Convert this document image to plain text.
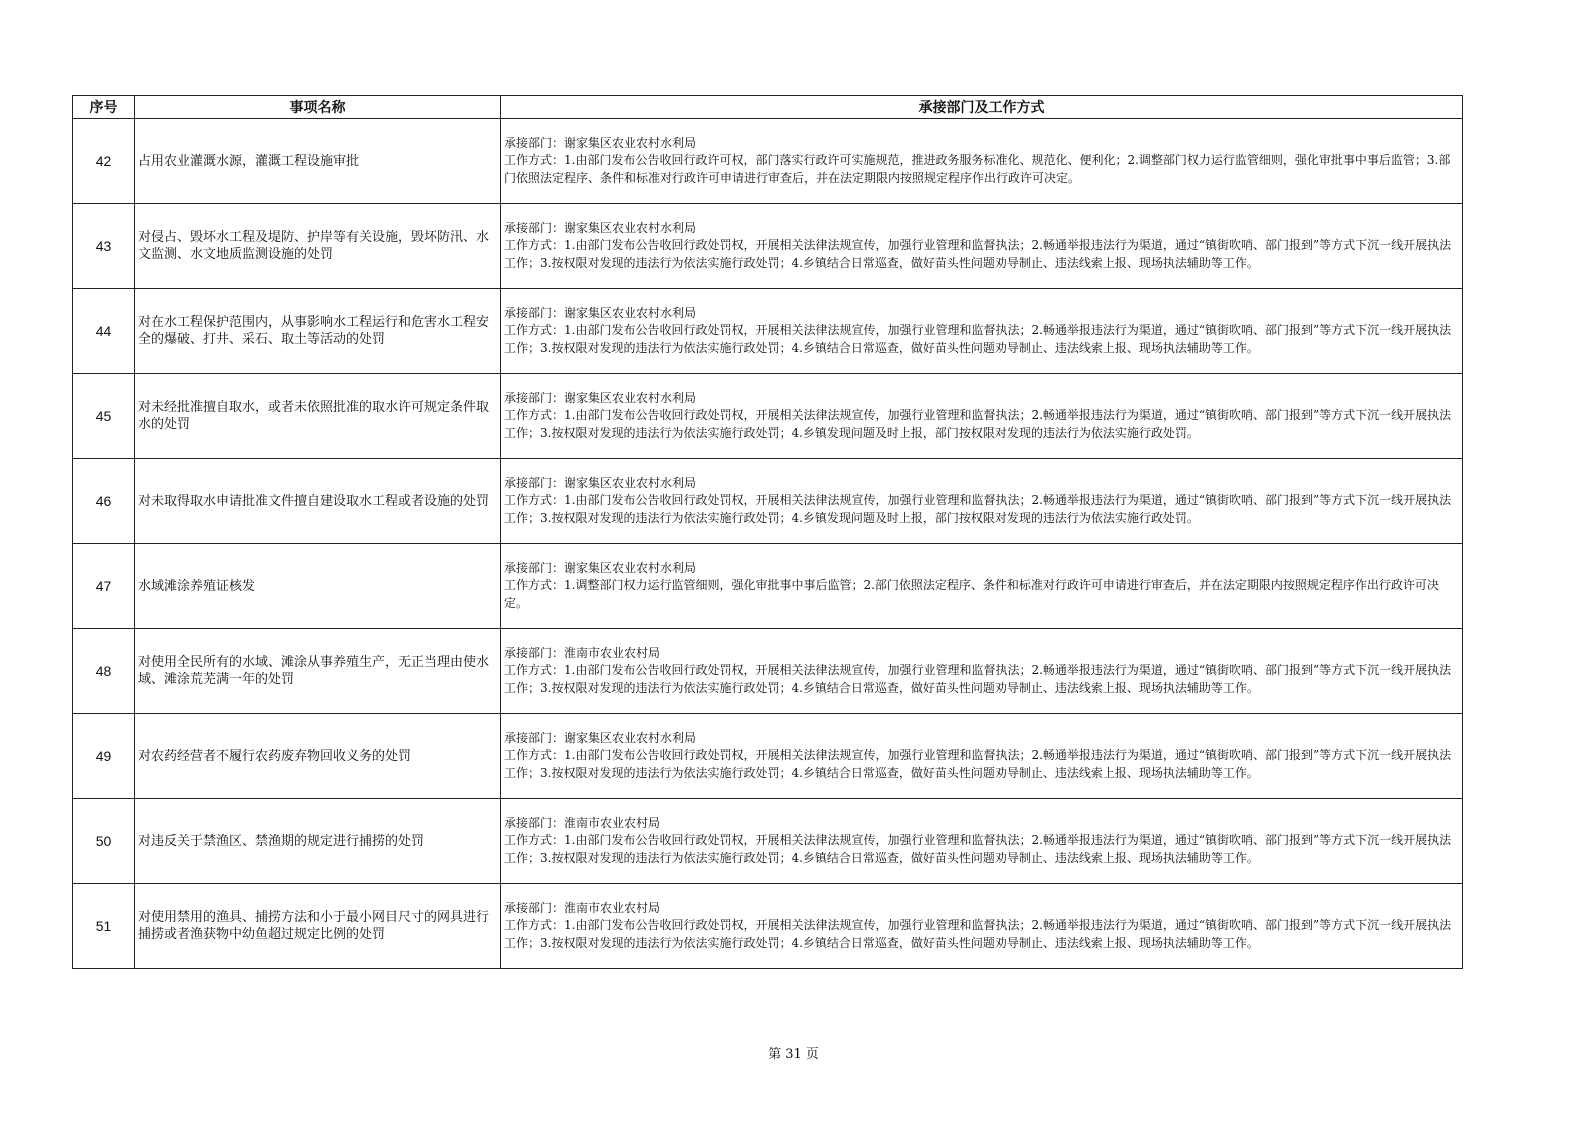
序号	事项名称	承接部门及工作方式
42	占用农业灌溉水源，灌溉工程设施审批	承接部门：谢家集区农业农村水利局
工作方式：1.由部门发布公告收回行政许可权，部门落实行政许可实施规范，推进政务服务标准化、规范化、便利化；2.调整部门权力运行监管细则，强化审批事中事后监管；3.部门依照法定程序、条件和标准对行政许可申请进行审查后，并在法定期限内按照规定程序作出行政许可决定。

43	对侵占、毁坏水工程及堤防、护岸等有关设施，毁坏防汛、水文监测、水文地质监测设施的处罚	承接部门：谢家集区农业农村水利局
工作方式：1.由部门发布公告收回行政处罚权，开展相关法律法规宣传，加强行业管理和监督执法；2.畅通举报违法行为渠道，通过“镇街吹哨、部门报到”等方式下沉一线开展执法工作；3.按权限对发现的违法行为依法实施行政处罚；4.乡镇结合日常巡查，做好苗头性问题劝导制止、违法线索上报、现场执法辅助等工作。

44	对在水工程保护范围内，从事影响水工程运行和危害水工程安全的爆破、打井、采石、取土等活动的处罚	承接部门：谢家集区农业农村水利局
工作方式：1.由部门发布公告收回行政处罚权，开展相关法律法规宣传，加强行业管理和监督执法；2.畅通举报违法行为渠道，通过“镇街吹哨、部门报到”等方式下沉一线开展执法工作；3.按权限对发现的违法行为依法实施行政处罚；4.乡镇结合日常巡查，做好苗头性问题劝导制止、违法线索上报、现场执法辅助等工作。

45	对未经批准擅自取水，或者未依照批准的取水许可规定条件取水的处罚	承接部门：谢家集区农业农村水利局
工作方式：1.由部门发布公告收回行政处罚权，开展相关法律法规宣传，加强行业管理和监督执法；2.畅通举报违法行为渠道，通过“镇街吹哨、部门报到”等方式下沉一线开展执法工作；3.按权限对发现的违法行为依法实施行政处罚；4.乡镇发现问题及时上报，部门按权限对发现的违法行为依法实施行政处罚。

46	对未取得取水申请批准文件擅自建设取水工程或者设施的处罚	承接部门：谢家集区农业农村水利局
工作方式：1.由部门发布公告收回行政处罚权，开展相关法律法规宣传，加强行业管理和监督执法；2.畅通举报违法行为渠道，通过“镇街吹哨、部门报到”等方式下沉一线开展执法工作；3.按权限对发现的违法行为依法实施行政处罚；4.乡镇发现问题及时上报，部门按权限对发现的违法行为依法实施行政处罚。

47	水域滩涂养殖证核发	承接部门：谢家集区农业农村水利局
工作方式：1.调整部门权力运行监管细则，强化审批事中事后监管；2.部门依照法定程序、条件和标准对行政许可申请进行审查后，并在法定期限内按照规定程序作出行政许可决定。

48	对使用全民所有的水域、滩涂从事养殖生产，无正当理由使水域、滩涂荒芜满一年的处罚	承接部门：淮南市农业农村局
工作方式：1.由部门发布公告收回行政处罚权，开展相关法律法规宣传，加强行业管理和监督执法；2.畅通举报违法行为渠道，通过“镇街吹哨、部门报到”等方式下沉一线开展执法工作；3.按权限对发现的违法行为依法实施行政处罚；4.乡镇结合日常巡查，做好苗头性问题劝导制止、违法线索上报、现场执法辅助等工作。

49	对农药经营者不履行农药废弃物回收义务的处罚	承接部门：谢家集区农业农村水利局
工作方式：1.由部门发布公告收回行政处罚权，开展相关法律法规宣传，加强行业管理和监督执法；2.畅通举报违法行为渠道，通过“镇街吹哨、部门报到”等方式下沉一线开展执法工作；3.按权限对发现的违法行为依法实施行政处罚；4.乡镇结合日常巡查，做好苗头性问题劝导制止、违法线索上报、现场执法辅助等工作。

50	对违反关于禁渔区、禁渔期的规定进行捕捞的处罚	承接部门：淮南市农业农村局
工作方式：1.由部门发布公告收回行政处罚权，开展相关法律法规宣传，加强行业管理和监督执法；2.畅通举报违法行为渠道，通过“镇街吹哨、部门报到”等方式下沉一线开展执法工作；3.按权限对发现的违法行为依法实施行政处罚；4.乡镇结合日常巡查，做好苗头性问题劝导制止、违法线索上报、现场执法辅助等工作。

51	对使用禁用的渔具、捕捞方法和小于最小网目尺寸的网具进行捕捞或者渔获物中幼鱼超过规定比例的处罚	承接部门：淮南市农业农村局
工作方式：1.由部门发布公告收回行政处罚权，开展相关法律法规宣传，加强行业管理和监督执法；2.畅通举报违法行为渠道，通过“镇街吹哨、部门报到”等方式下沉一线开展执法工作；3.按权限对发现的违法行为依法实施行政处罚；4.乡镇结合日常巡查，做好苗头性问题劝导制止、违法线索上报、现场执法辅助等工作。
第 31 页
